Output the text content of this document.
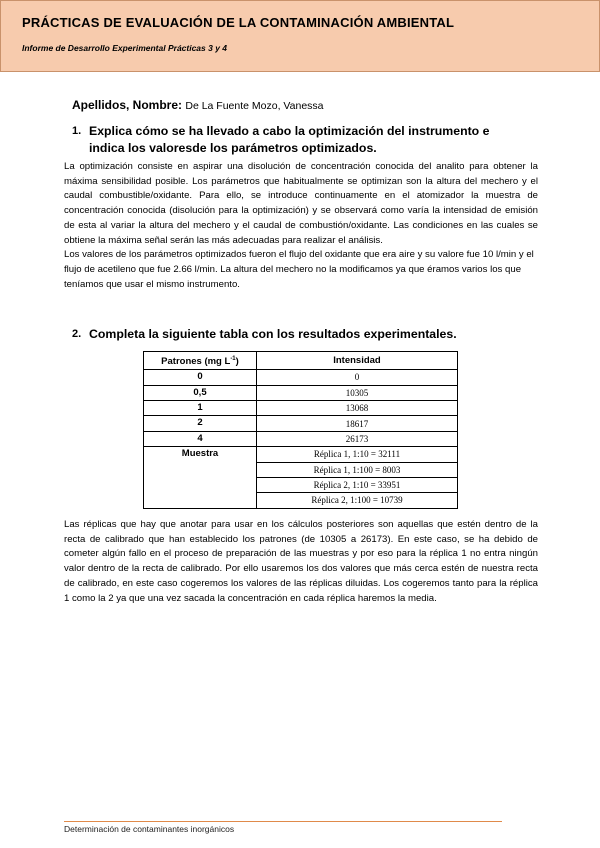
PRÁCTICAS DE EVALUACIÓN DE LA CONTAMINACIÓN AMBIENTAL
Informe de Desarrollo Experimental Prácticas 3 y 4
Apellidos, Nombre: De La Fuente Mozo, Vanessa
1. Explica cómo se ha llevado a cabo la optimización del instrumento e indica los valoresde los parámetros optimizados.

La optimización consiste en aspirar una disolución de concentración conocida del analito para obtener la máxima sensibilidad posible. Los parámetros que habitualmente se optimizan son la altura del mechero y el caudal combustible/oxidante. Para ello, se introduce continuamente en el atomizador la muestra de concentración conocida (disolución para la optimización) y se observará como varía la intensidad de emisión de esta al variar la altura del mechero y el caudal de combustión/oxidante. Las condiciones en las cuales se obtiene la máxima señal serán las más adecuadas para realizar el análisis.

Los valores de los parámetros optimizados fueron el flujo del oxidante que era aire y su valore fue 10 l/min y el flujo de acetileno que fue 2.66 l/min. La altura del mechero no la modificamos ya que éramos varios los que teníamos que usar el mismo instrumento.

2. Completa la siguiente tabla con los resultados experimentales.
Patrones (mg $L^{-1}$)	Intensidad
0	0
0,5	10305
1	13068
2	18617
4	26173
Muestra	Réplica 1, 1:10 = 32111
	Réplica 1, 1:100 = 8003
	Réplica 2, 1:10 = 33951
	Réplica 2, 1:100 = 10739

Las réplicas que hay que anotar para usar en los cálculos posteriores son aquellas que estén dentro de la recta de calibrado que han establecido los patrones (de 10305 a 26173). En este caso, se ha debido de cometer algún fallo en el proceso de preparación de las muestras y por eso para la réplica 1 no entra ningún valor dentro de la recta de calibrado. Por ello usaremos los dos valores que más cerca estén de nuestra recta de calibrado, en este caso cogeremos los valores de las réplicas diluidas. Los cogeremos tanto para la réplica 1 como la 2 ya que una vez sacada la concentración en cada réplica haremos la media.

Determinación de contaminantes inorgánicos
